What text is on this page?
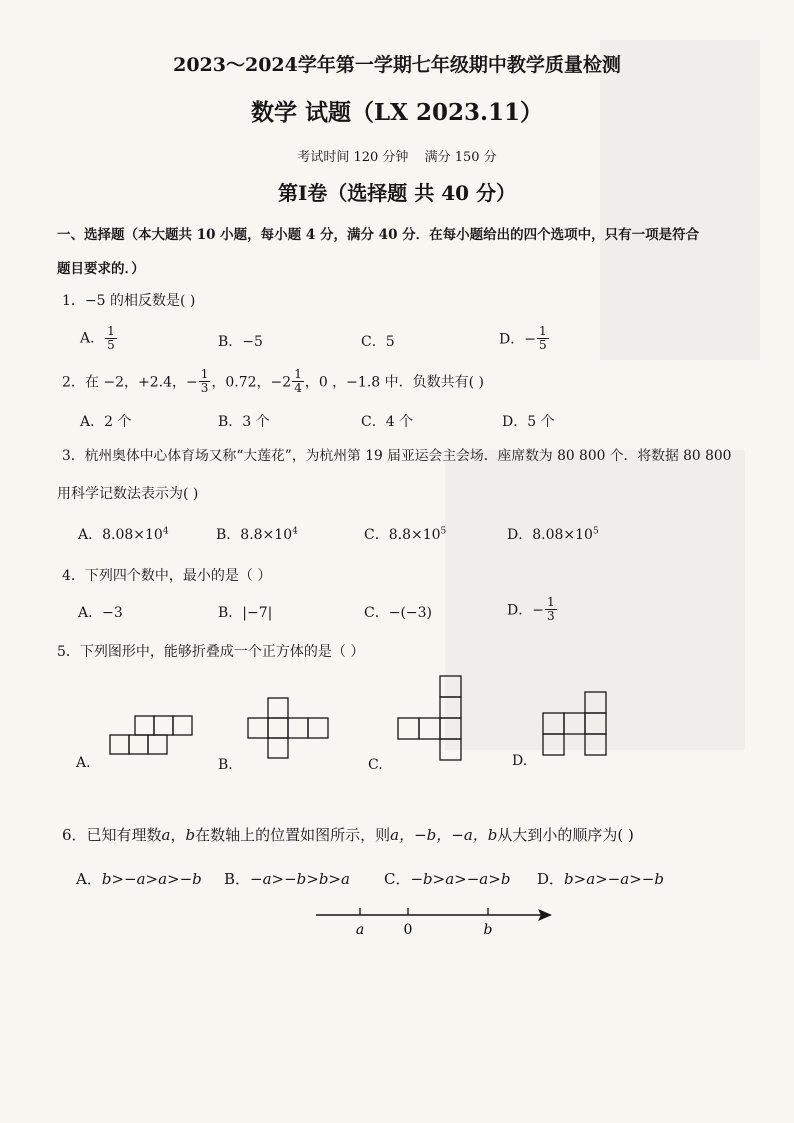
2023～2024学年第一学期七年级期中教学质量检测
数学 试题（LX 2023.11）
考试时间 120 分钟 满分 150 分
第Ⅰ卷（选择题 共 40 分）
一、选择题（本大题共 10 小题，每小题 4 分，满分 40 分．在每小题给出的四个选项中，只有一项是符合
题目要求的．）
1．−5 的相反数是( )
A． $\frac{1}{5}$	B．−5	C．5	D．− $\frac{1}{5}$
2．在 −2，+2.4，− $\frac{1}{3}$ ，0.72，$-2 \frac{1}{4}$ ，0 ，−1.8 中．负数共有( )
A．2 个	B．3 个	C．4 个	D．5 个
3．杭州奥体中心体育场又称“大莲花”，为杭州第 19 届亚运会主会场．座席数为 80 800 个．将数据 80 800
用科学记数法表示为( )
A．$8.08\times 10^4$	B．$8.8\times 10^4$	C．$8.8\times 10^5$	D．$8.08\times 10^5$
4．下列四个数中，最小的是（ ）
A．−3	B．|−7|	C．−(−3)	D．− $\frac{1}{3}$
5．下列图形中，能够折叠成一个正方体的是（ ）
A.	B.	C.	D.
6．已知有理数a，b在数轴上的位置如图所示，则a，−b，−a，b从大到小的顺序为( )
A．b>−a>a>−b B．−a>−b>b>a C．−b>a>−a>b D．b>a>−a>−b
a	0	b
